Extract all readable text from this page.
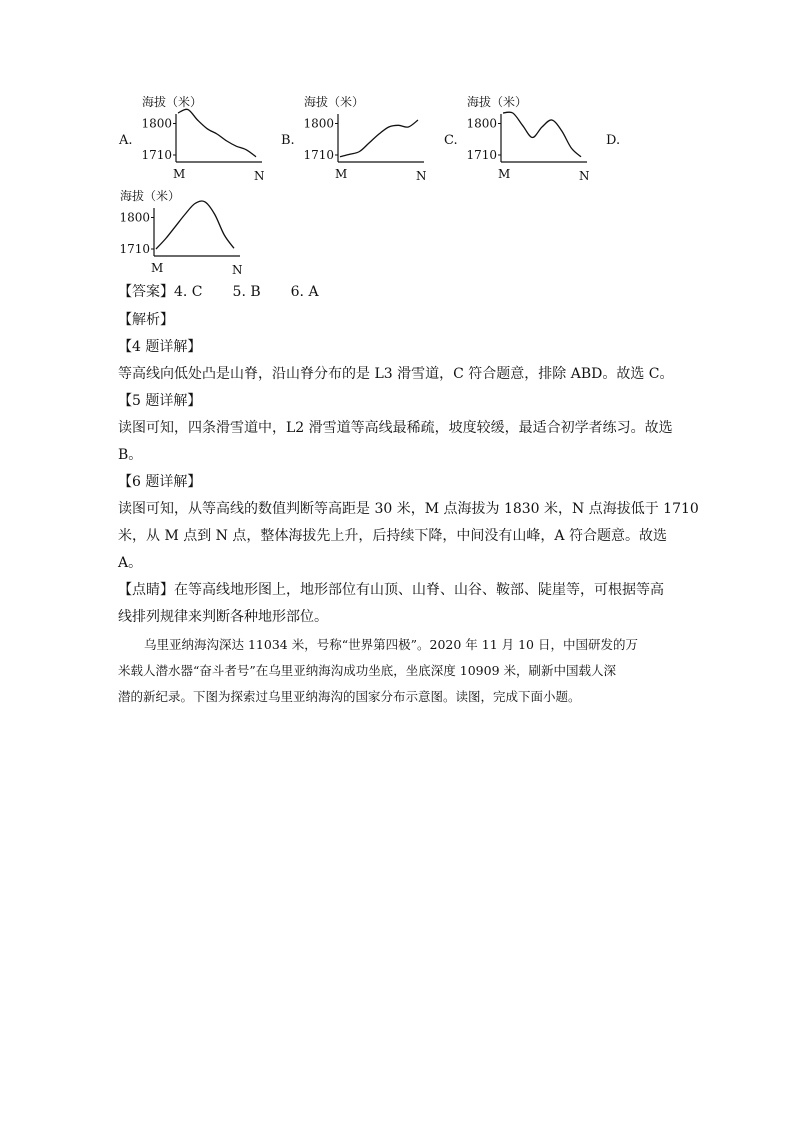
A.	B.	C.	D.
海拔（米）
1800
1710
M	N
海拔（米）
1800
1710
M	N
海拔（米）
1800
1710
M	N
海拔（米）
1800
1710
M	N
【答案】4. C 5. B 6. A
【解析】
【4 题详解】
等高线向低处凸是山脊，沿山脊分布的是 L3 滑雪道，C 符合题意，排除 ABD。故选 C。
【5 题详解】
读图可知，四条滑雪道中，L2 滑雪道等高线最稀疏，坡度较缓，最适合初学者练习。故选
B。
【6 题详解】
读图可知，从等高线的数值判断等高距是 30 米，M 点海拔为 1830 米，N 点海拔低于 1710
米，从 M 点到 N 点，整体海拔先上升，后持续下降，中间没有山峰，A 符合题意。故选
A。
【点睛】在等高线地形图上，地形部位有山顶、山脊、山谷、鞍部、陡崖等，可根据等高
线排列规律来判断各种地形部位。
乌里亚纳海沟深达 11034 米，号称“世界第四极”。2020 年 11 月 10 日，中国研发的万
米载人潜水器“奋斗者号”在乌里亚纳海沟成功坐底，坐底深度 10909 米，刷新中国载人深
潜的新纪录。下图为探索过乌里亚纳海沟的国家分布示意图。读图，完成下面小题。
